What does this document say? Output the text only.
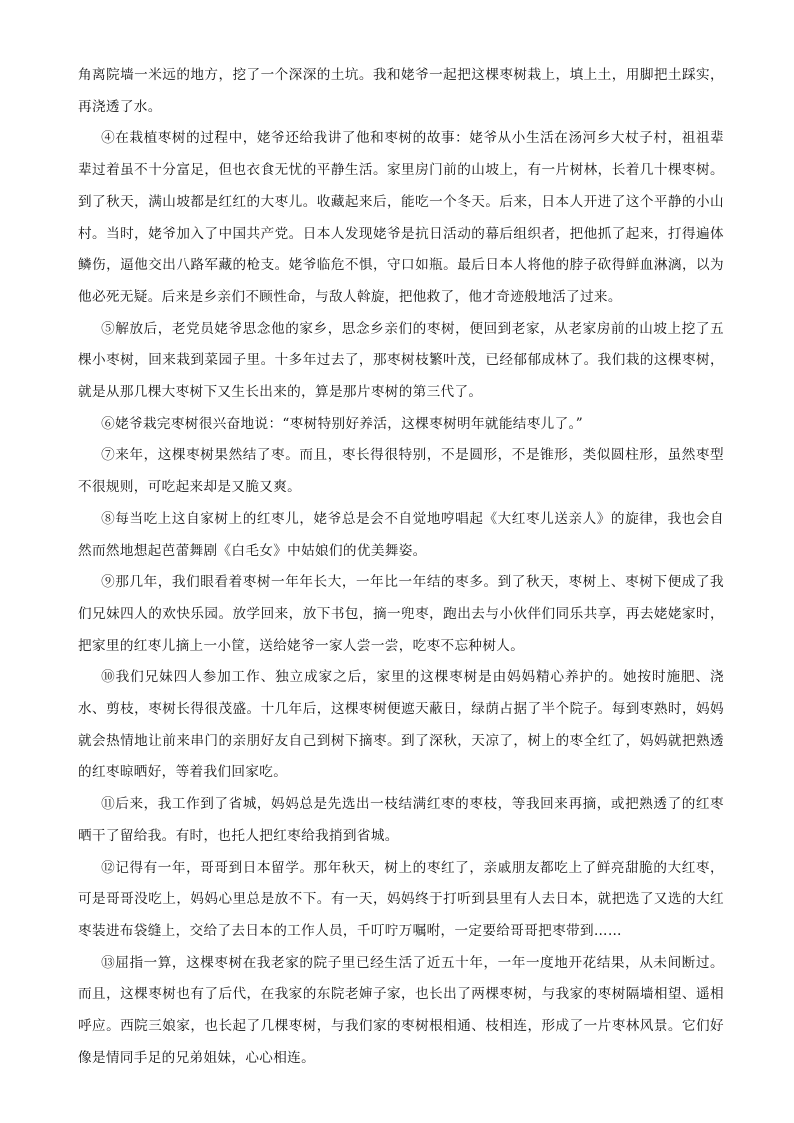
角离院墙一米远的地方，挖了一个深深的土坑。我和姥爷一起把这棵枣树栽上，填上土，用脚把土踩实，再浇透了水。

④在栽植枣树的过程中，姥爷还给我讲了他和枣树的故事：姥爷从小生活在汤河乡大杖子村，祖祖辈辈过着虽不十分富足，但也衣食无忧的平静生活。家里房门前的山坡上，有一片树林，长着几十棵枣树。到了秋天，满山坡都是红红的大枣儿。收藏起来后，能吃一个冬天。后来，日本人开进了这个平静的小山村。当时，姥爷加入了中国共产党。日本人发现姥爷是抗日活动的幕后组织者，把他抓了起来，打得遍体鳞伤，逼他交出八路军藏的枪支。姥爷临危不惧，守口如瓶。最后日本人将他的脖子砍得鲜血淋漓，以为他必死无疑。后来是乡亲们不顾性命，与敌人斡旋，把他救了，他才奇迹般地活了过来。

⑤解放后，老党员姥爷思念他的家乡，思念乡亲们的枣树，便回到老家，从老家房前的山坡上挖了五棵小枣树，回来栽到菜园子里。十多年过去了，那枣树枝繁叶茂，已经郁郁成林了。我们栽的这棵枣树，就是从那几棵大枣树下又生长出来的，算是那片枣树的第三代了。

⑥姥爷栽完枣树很兴奋地说：“枣树特别好养活，这棵枣树明年就能结枣儿了。”

⑦来年，这棵枣树果然结了枣。而且，枣长得很特别，不是圆形，不是锥形，类似圆柱形，虽然枣型不很规则，可吃起来却是又脆又爽。

⑧每当吃上这自家树上的红枣儿，姥爷总是会不自觉地哼唱起《大红枣儿送亲人》的旋律，我也会自然而然地想起芭蕾舞剧《白毛女》中姑娘们的优美舞姿。

⑨那几年，我们眼看着枣树一年年长大，一年比一年结的枣多。到了秋天，枣树上、枣树下便成了我们兄妹四人的欢快乐园。放学回来，放下书包，摘一兜枣，跑出去与小伙伴们同乐共享，再去姥姥家时，把家里的红枣儿摘上一小筐，送给姥爷一家人尝一尝，吃枣不忘种树人。

⑩我们兄妹四人参加工作、独立成家之后，家里的这棵枣树是由妈妈精心养护的。她按时施肥、浇水、剪枝，枣树长得很茂盛。十几年后，这棵枣树便遮天蔽日，绿荫占据了半个院子。每到枣熟时，妈妈就会热情地让前来串门的亲朋好友自己到树下摘枣。到了深秋，天凉了，树上的枣全红了，妈妈就把熟透的红枣晾晒好，等着我们回家吃。

⑪后来，我工作到了省城，妈妈总是先选出一枝结满红枣的枣枝，等我回来再摘，或把熟透了的红枣晒干了留给我。有时，也托人把红枣给我捎到省城。

⑫记得有一年，哥哥到日本留学。那年秋天，树上的枣红了，亲戚朋友都吃上了鲜亮甜脆的大红枣，可是哥哥没吃上，妈妈心里总是放不下。有一天，妈妈终于打听到县里有人去日本，就把选了又选的大红枣装进布袋缝上，交给了去日本的工作人员，千叮咛万嘱咐，一定要给哥哥把枣带到……

⑬屈指一算，这棵枣树在我老家的院子里已经生活了近五十年，一年一度地开花结果，从未间断过。而且，这棵枣树也有了后代，在我家的东院老婶子家，也长出了两棵枣树，与我家的枣树隔墙相望、遥相呼应。西院三娘家，也长起了几棵枣树，与我们家的枣树根相通、枝相连，形成了一片枣林风景。它们好像是情同手足的兄弟姐妹，心心相连。
